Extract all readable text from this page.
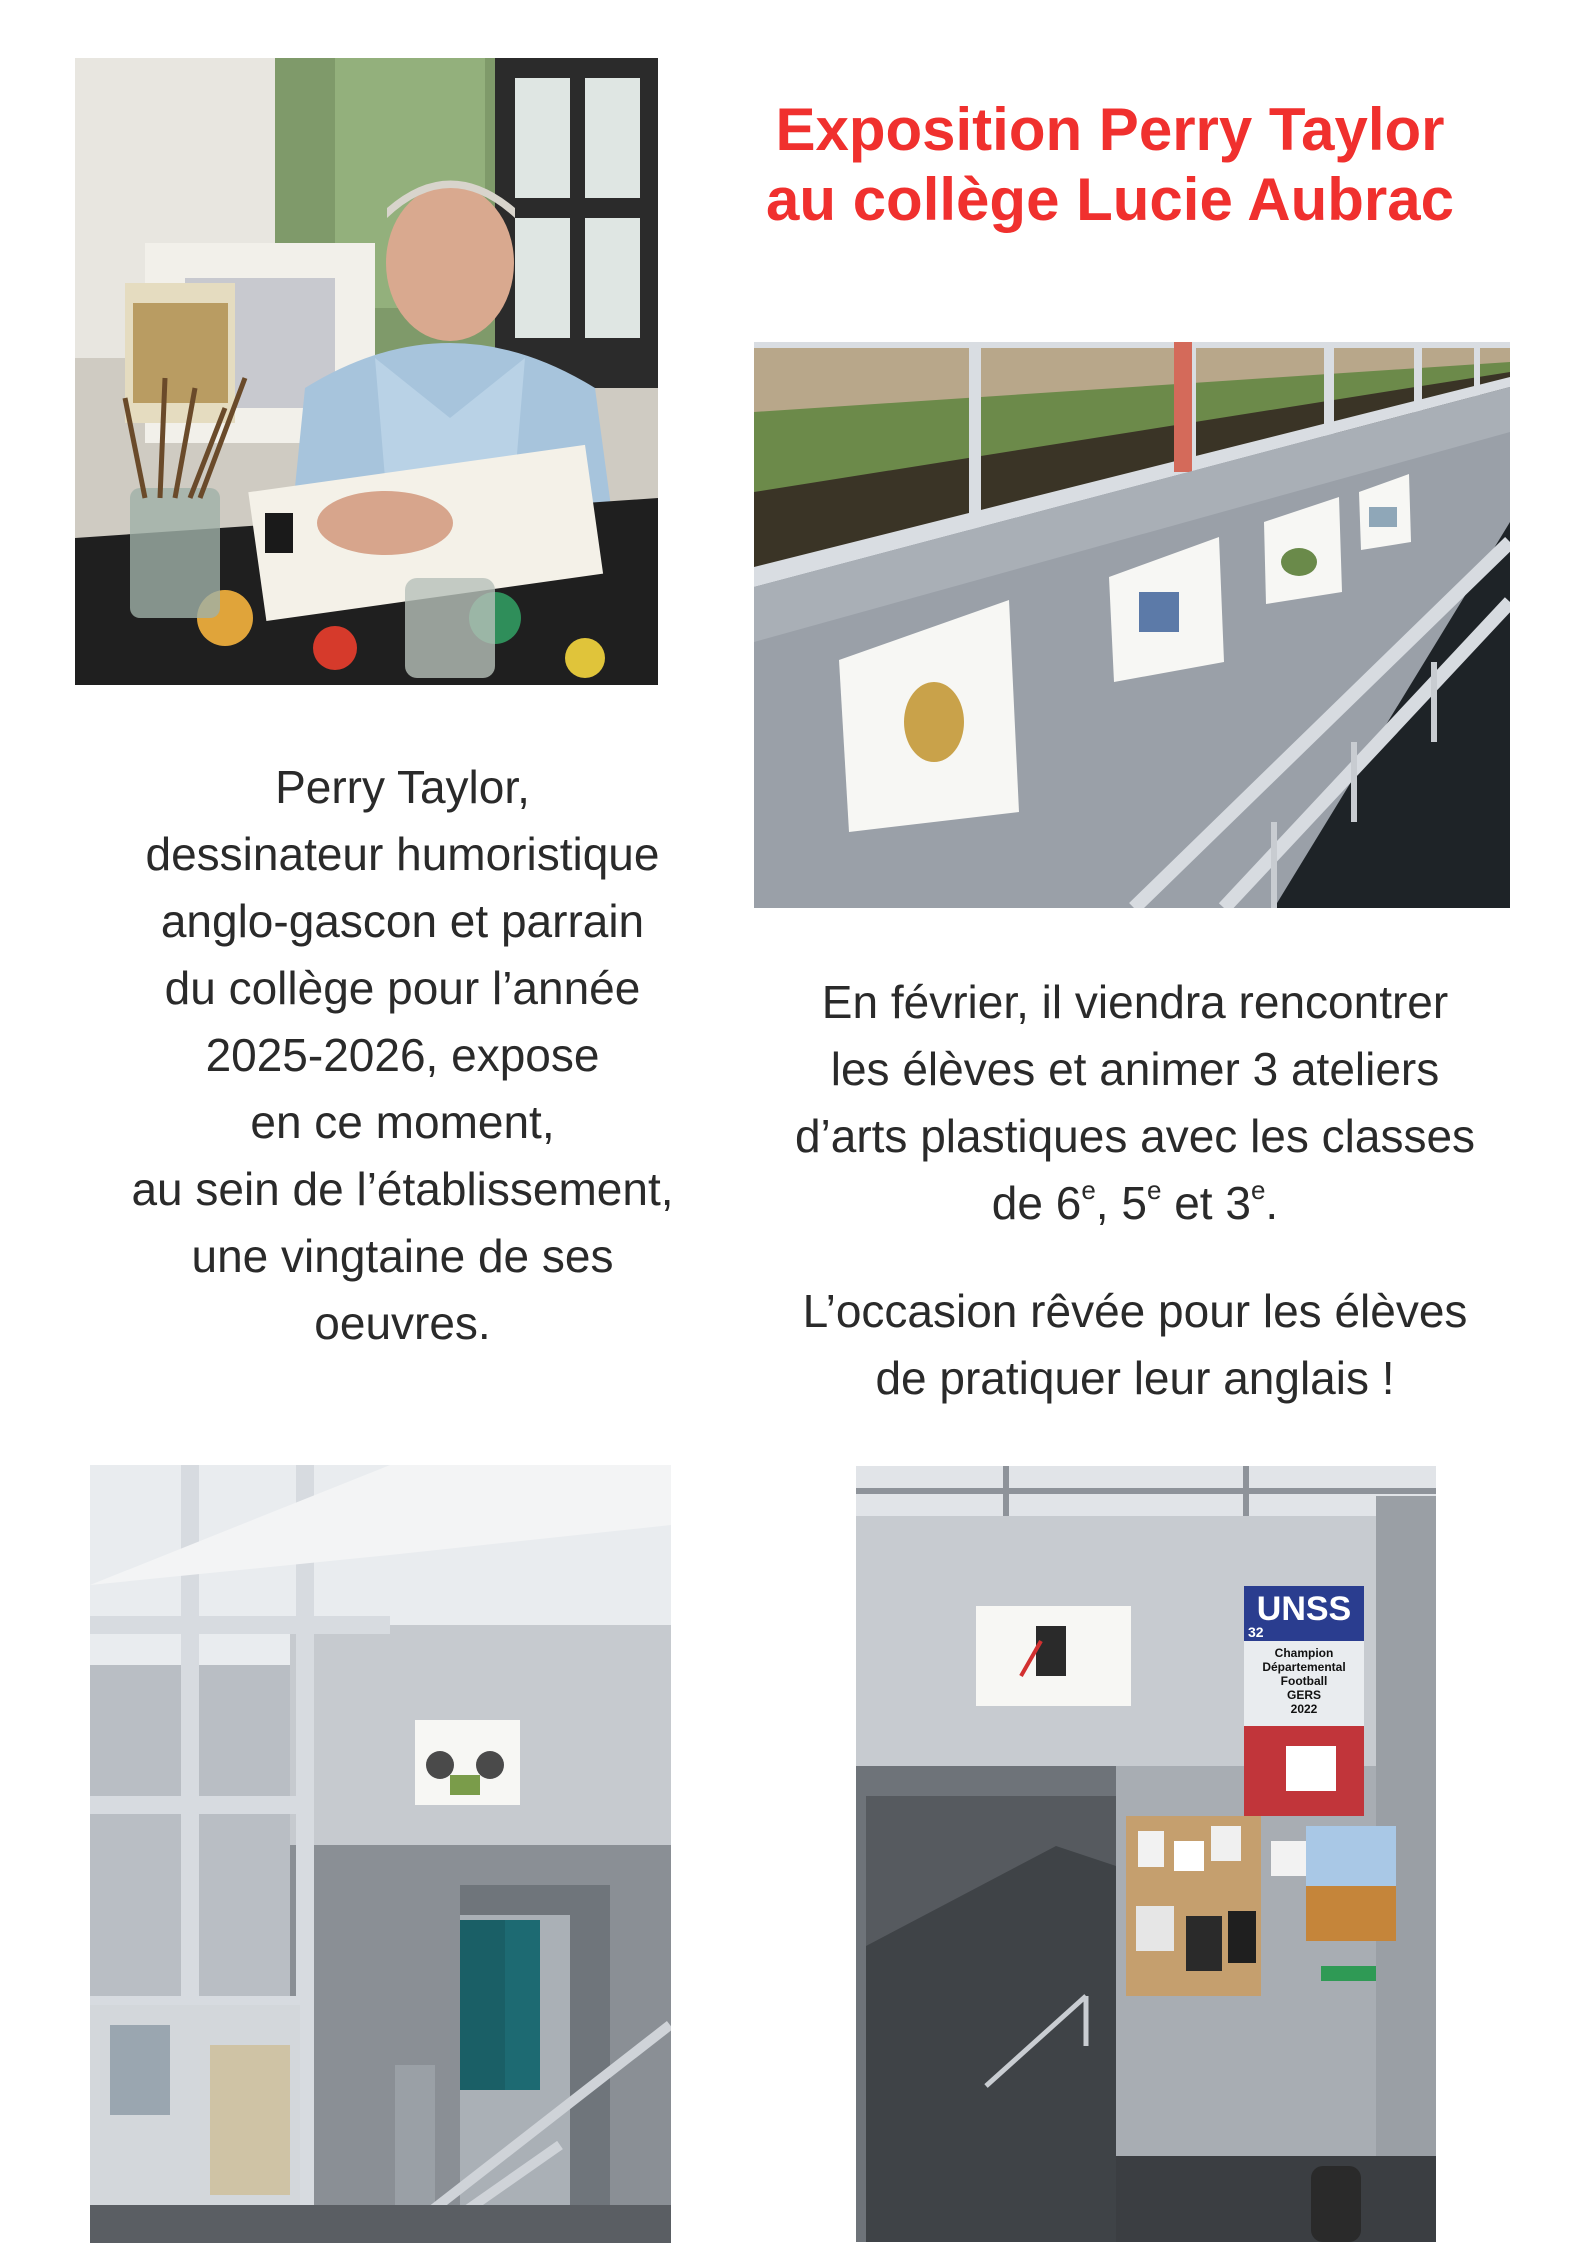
Exposition Perry Taylor
au collège Lucie Aubrac
Perry Taylor,
dessinateur humoristique
anglo-gascon et parrain
du collège pour l’année
2025-2026, expose
en ce moment,
au sein de l’établissement,
une vingtaine de ses
oeuvres.
En février, il viendra rencontrer
les élèves et animer 3 ateliers
d’arts plastiques avec les classes
de 6e, 5e et 3e.
L’occasion rêvée pour les élèves
de pratiquer leur anglais !
UNSS
32
Champion
Départemental
Football
GERS
2022
